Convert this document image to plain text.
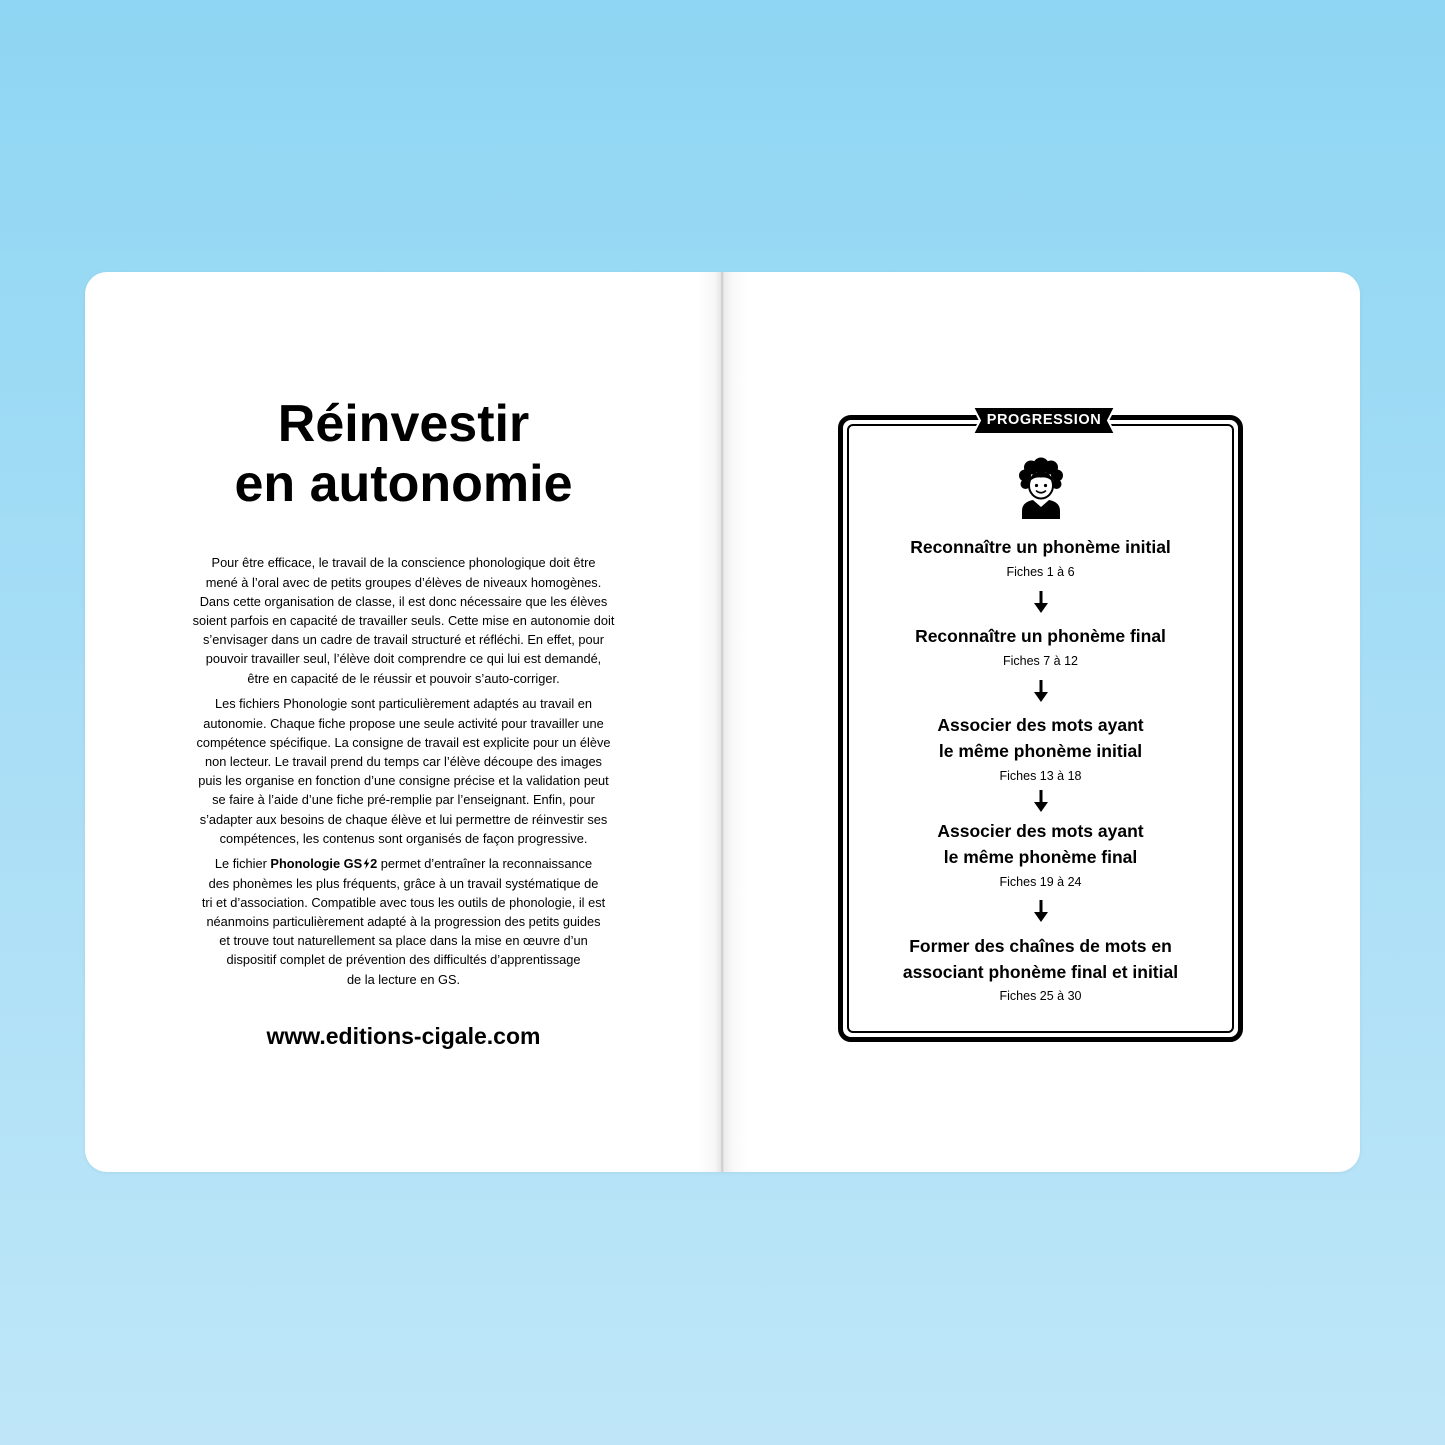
Réinvestir
en autonomie
Pour être efficace, le travail de la conscience phonologique doit être
mené à l’oral avec de petits groupes d’élèves de niveaux homogènes.
Dans cette organisation de classe, il est donc nécessaire que les élèves
soient parfois en capacité de travailler seuls. Cette mise en autonomie doit
s’envisager dans un cadre de travail structuré et réfléchi. En effet, pour
pouvoir travailler seul, l’élève doit comprendre ce qui lui est demandé,
être en capacité de le réussir et pouvoir s’auto-corriger.
Les fichiers Phonologie sont particulièrement adaptés au travail en
autonomie. Chaque fiche propose une seule activité pour travailler une
compétence spécifique. La consigne de travail est explicite pour un élève
non lecteur. Le travail prend du temps car l’élève découpe des images
puis les organise en fonction d’une consigne précise et la validation peut
se faire à l’aide d’une fiche pré-remplie par l’enseignant. Enfin, pour
s’adapter aux besoins de chaque élève et lui permettre de réinvestir ses
compétences, les contenus sont organisés de façon progressive.
Le fichier Phonologie GS 2 permet d’entraîner la reconnaissance
des phonèmes les plus fréquents, grâce à un travail systématique de
tri et d’association. Compatible avec tous les outils de phonologie, il est
néanmoins particulièrement adapté à la progression des petits guides
et trouve tout naturellement sa place dans la mise en œuvre d’un
dispositif complet de prévention des difficultés d’apprentissage
de la lecture en GS.
www.editions-cigale.com
PROGRESSION
Reconnaître un phonème initial
Fiches 1 à 6
Reconnaître un phonème final
Fiches 7 à 12
Associer des mots ayant
le même phonème initial
Fiches 13 à 18
Associer des mots ayant
le même phonème final
Fiches 19 à 24
Former des chaînes de mots en
associant phonème final et initial
Fiches 25 à 30
